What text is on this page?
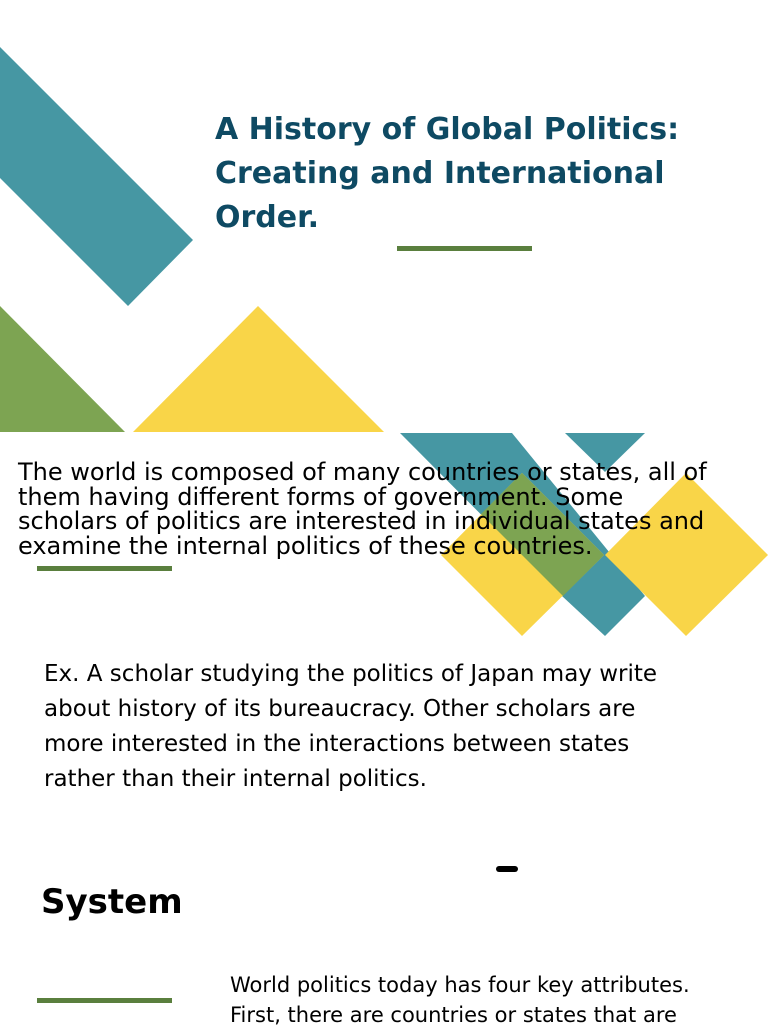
A History of Global Politics:
Creating and International
Order.

The world is composed of many countries or states, all of
them having different forms of government. Some
scholars of politics are interested in individual states and
examine the internal politics of these countries.

Ex. A scholar studying the politics of Japan may write
about history of its bureaucracy. Other scholars are
more interested in the interactions between states
rather than their internal politics.

System

World politics today has four key attributes.
First, there are countries or states that are
